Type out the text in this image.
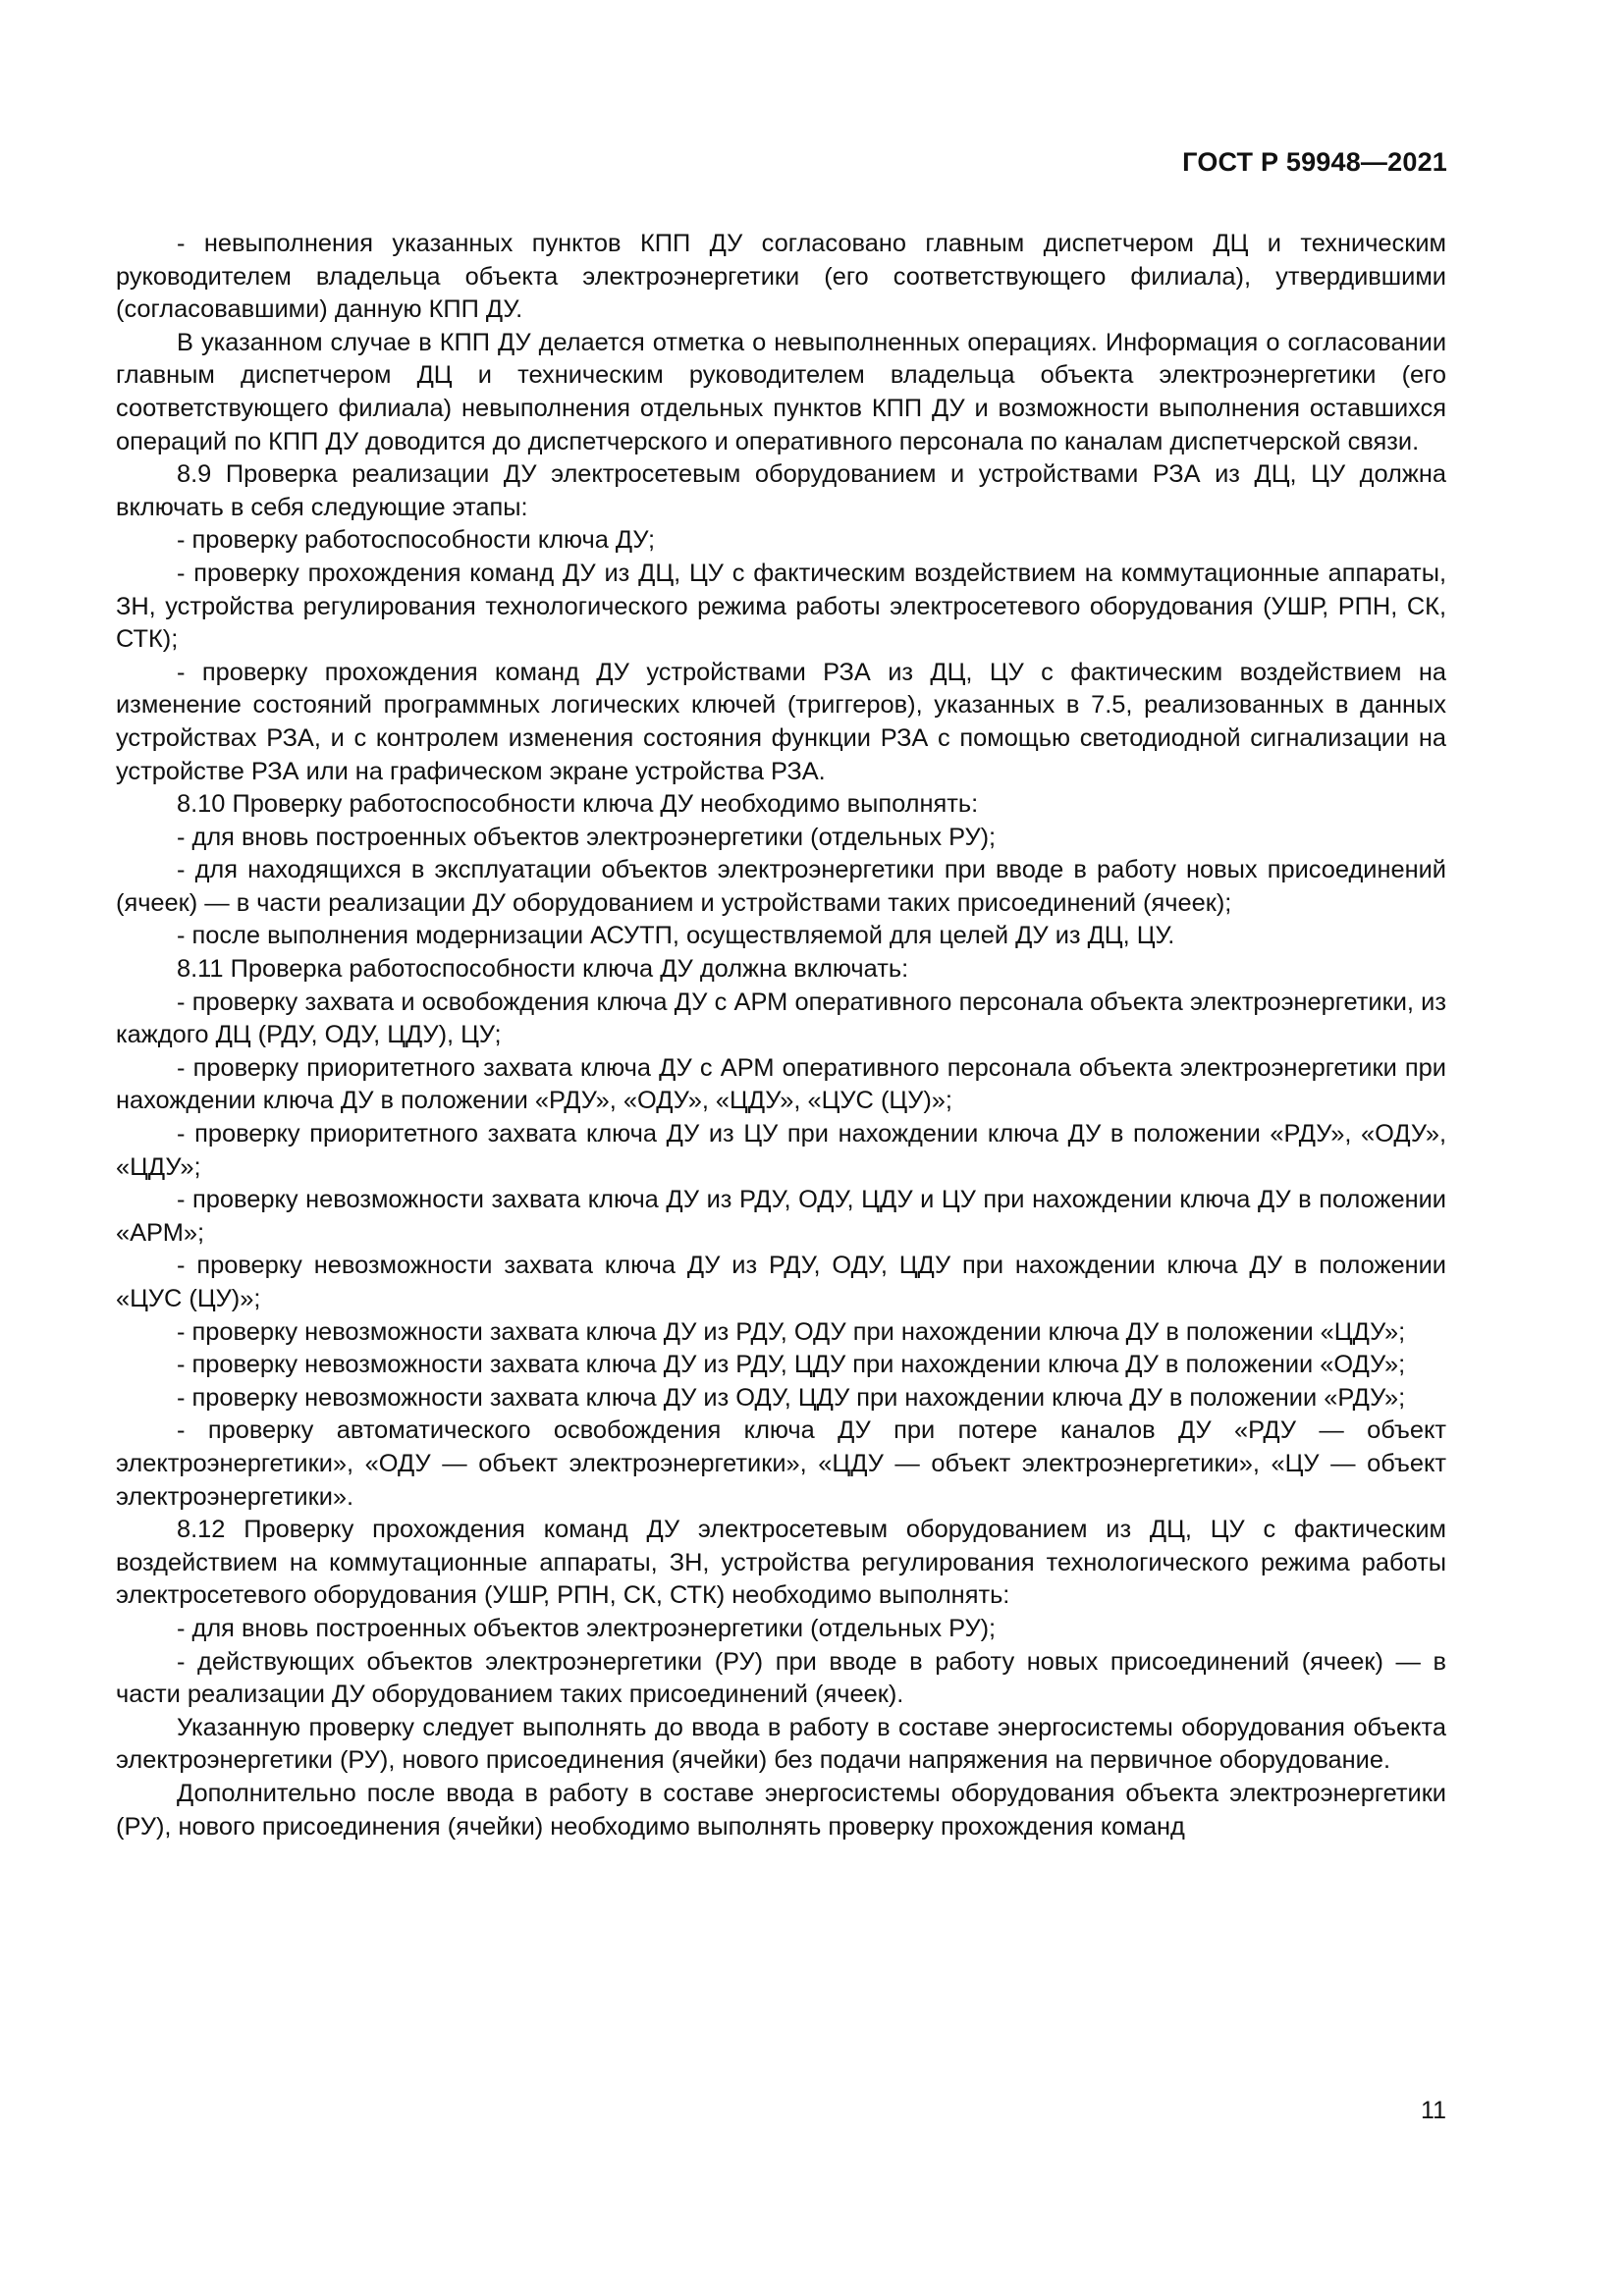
ГОСТ Р 59948—2021

- невыполнения указанных пунктов КПП ДУ согласовано главным диспетчером ДЦ и техническим руководителем владельца объекта электроэнергетики (его соответствующего филиала), утвердившими (согласовавшими) данную КПП ДУ.

В указанном случае в КПП ДУ делается отметка о невыполненных операциях. Информация о согласовании главным диспетчером ДЦ и техническим руководителем владельца объекта электроэнергетики (его соответствующего филиала) невыполнения отдельных пунктов КПП ДУ и возможности выполнения оставшихся операций по КПП ДУ доводится до диспетчерского и оперативного персонала по каналам диспетчерской связи.

8.9 Проверка реализации ДУ электросетевым оборудованием и устройствами РЗА из ДЦ, ЦУ должна включать в себя следующие этапы:

- проверку работоспособности ключа ДУ;

- проверку прохождения команд ДУ из ДЦ, ЦУ с фактическим воздействием на коммутационные аппараты, ЗН, устройства регулирования технологического режима работы электросетевого оборудования (УШР, РПН, СК, СТК);

- проверку прохождения команд ДУ устройствами РЗА из ДЦ, ЦУ с фактическим воздействием на изменение состояний программных логических ключей (триггеров), указанных в 7.5, реализованных в данных устройствах РЗА, и с контролем изменения состояния функции РЗА с помощью светодиодной сигнализации на устройстве РЗА или на графическом экране устройства РЗА.

8.10 Проверку работоспособности ключа ДУ необходимо выполнять:

- для вновь построенных объектов электроэнергетики (отдельных РУ);

- для находящихся в эксплуатации объектов электроэнергетики при вводе в работу новых присоединений (ячеек) — в части реализации ДУ оборудованием и устройствами таких присоединений (ячеек);

- после выполнения модернизации АСУТП, осуществляемой для целей ДУ из ДЦ, ЦУ.

8.11 Проверка работоспособности ключа ДУ должна включать:

- проверку захвата и освобождения ключа ДУ с АРМ оперативного персонала объекта электроэнергетики, из каждого ДЦ (РДУ, ОДУ, ЦДУ), ЦУ;

- проверку приоритетного захвата ключа ДУ с АРМ оперативного персонала объекта электроэнергетики при нахождении ключа ДУ в положении «РДУ», «ОДУ», «ЦДУ», «ЦУС (ЦУ)»;

- проверку приоритетного захвата ключа ДУ из ЦУ при нахождении ключа ДУ в положении «РДУ», «ОДУ», «ЦДУ»;

- проверку невозможности захвата ключа ДУ из РДУ, ОДУ, ЦДУ и ЦУ при нахождении ключа ДУ в положении «АРМ»;

- проверку невозможности захвата ключа ДУ из РДУ, ОДУ, ЦДУ при нахождении ключа ДУ в положении «ЦУС (ЦУ)»;

- проверку невозможности захвата ключа ДУ из РДУ, ОДУ при нахождении ключа ДУ в положении «ЦДУ»;

- проверку невозможности захвата ключа ДУ из РДУ, ЦДУ при нахождении ключа ДУ в положении «ОДУ»;

- проверку невозможности захвата ключа ДУ из ОДУ, ЦДУ при нахождении ключа ДУ в положении «РДУ»;

- проверку автоматического освобождения ключа ДУ при потере каналов ДУ «РДУ — объект электроэнергетики», «ОДУ — объект электроэнергетики», «ЦДУ — объект электроэнергетики», «ЦУ — объект электроэнергетики».

8.12 Проверку прохождения команд ДУ электросетевым оборудованием из ДЦ, ЦУ с фактическим воздействием на коммутационные аппараты, ЗН, устройства регулирования технологического режима работы электросетевого оборудования (УШР, РПН, СК, СТК) необходимо выполнять:

- для вновь построенных объектов электроэнергетики (отдельных РУ);

- действующих объектов электроэнергетики (РУ) при вводе в работу новых присоединений (ячеек) — в части реализации ДУ оборудованием таких присоединений (ячеек).

Указанную проверку следует выполнять до ввода в работу в составе энергосистемы оборудования объекта электроэнергетики (РУ), нового присоединения (ячейки) без подачи напряжения на первичное оборудование.

Дополнительно после ввода в работу в составе энергосистемы оборудования объекта электроэнергетики (РУ), нового присоединения (ячейки) необходимо выполнять проверку прохождения команд

11
